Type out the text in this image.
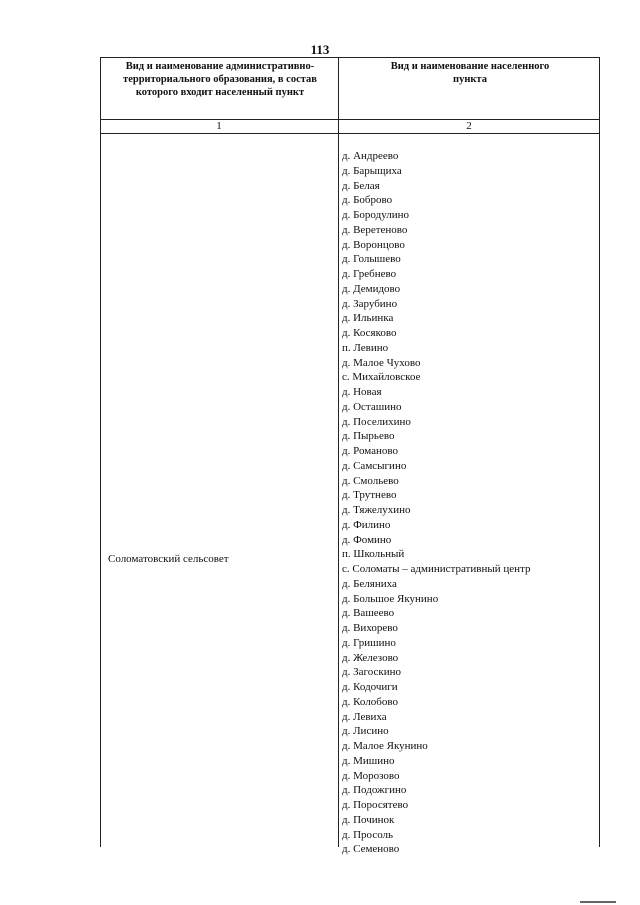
113
Вид и наименование административно-территориального образования, в состав которого входит населенный пункт
Вид и наименование населенного пункта
1	2
Соломатовский сельсовет
д. Андреево
д. Барыщиха
д. Белая
д. Боброво
д. Бородулино
д. Веретеново
д. Воронцово
д. Голышево
д. Гребнево
д. Демидово
д. Зарубино
д. Ильинка
д. Косяково
п. Левино
д. Малое Чухово
с. Михайловское
д. Новая
д. Осташино
д. Поселихино
д. Пырьево
д. Романово
д. Самсыгино
д. Смольево
д. Трутнево
д. Тяжелухино
д. Филино
д. Фомино
п. Школьный
с. Соломаты – административный центр
д. Беляниха
д. Большое Якунино
д. Вашеево
д. Вихорево
д. Гришино
д. Железово
д. Загоскино
д. Кодочиги
д. Колобово
д. Левиха
д. Лисино
д. Малое Якунино
д. Мишино
д. Морозово
д. Подожгино
д. Поросятево
д. Починок
д. Просоль
д. Семеново
